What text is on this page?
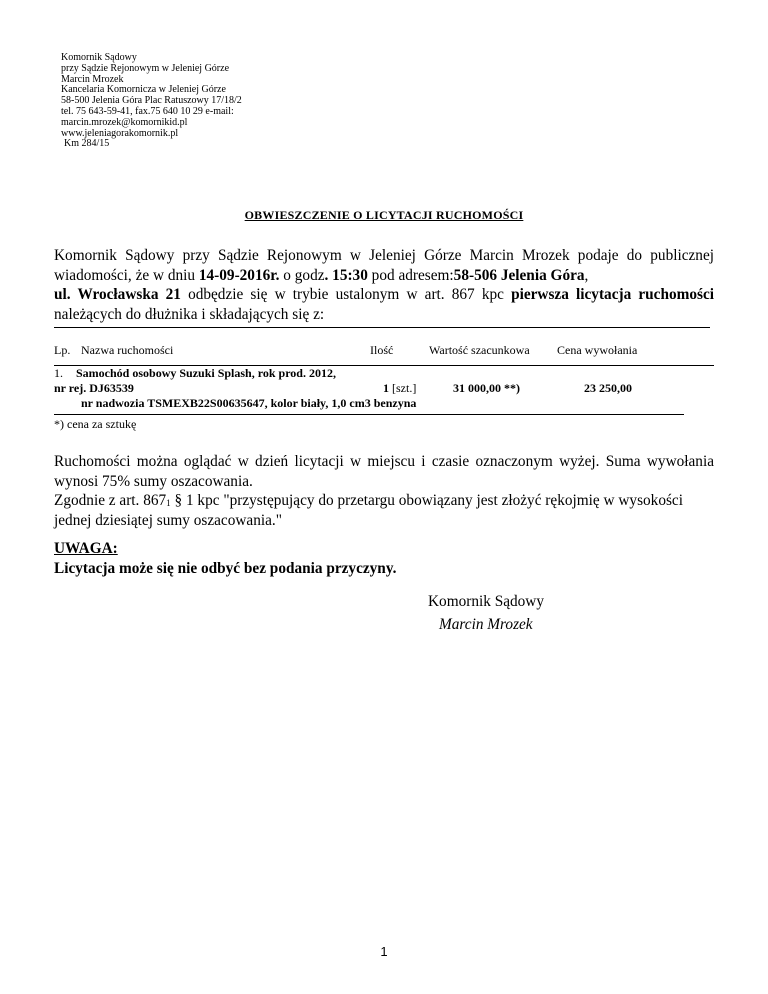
Komornik Sądowy
przy Sądzie Rejonowym w Jeleniej Górze
Marcin Mrozek
Kancelaria Komornicza w Jeleniej Górze
58-500 Jelenia Góra Plac Ratuszowy 17/18/2
tel. 75 643-59-41, fax.75 640 10 29 e-mail:
marcin.mrozek@komornikid.pl
www.jeleniagorakomornik.pl
Km 284/15
OBWIESZCZENIE O LICYTACJI RUCHOMOŚCI
Komornik Sądowy przy Sądzie Rejonowym w Jeleniej Górze Marcin Mrozek podaje do publicznej
wiadomości, że w dniu 14-09-2016r. o godz. 15:30 pod adresem:58-506 Jelenia Góra,
ul. Wrocławska 21 odbędzie się w trybie ustalonym w art. 867 kpc pierwsza licytacja ruchomości
należących do dłużnika i składających się z:
Lp. Nazwa ruchomości	Ilość	Wartość szacunkowa Cena wywołania
1. Samochód osobowy Suzuki Splash, rok prod. 2012,
nr rej. DJ63539	1 [szt.]	31 000,00 **)	23 250,00
nr nadwozia TSMEXB22S00635647, kolor biały, 1,0 cm3 benzyna
*) cena za sztukę
Ruchomości można oglądać w dzień licytacji w miejscu i czasie oznaczonym wyżej. Suma wywołania
wynosi 75% sumy oszacowania.
Zgodnie z art. 8671 § 1 kpc "przystępujący do przetargu obowiązany jest złożyć rękojmię w wysokości
jednej dziesiątej sumy oszacowania."
UWAGA:
Licytacja może się nie odbyć bez podania przyczyny.
Komornik Sądowy
Marcin Mrozek
1
